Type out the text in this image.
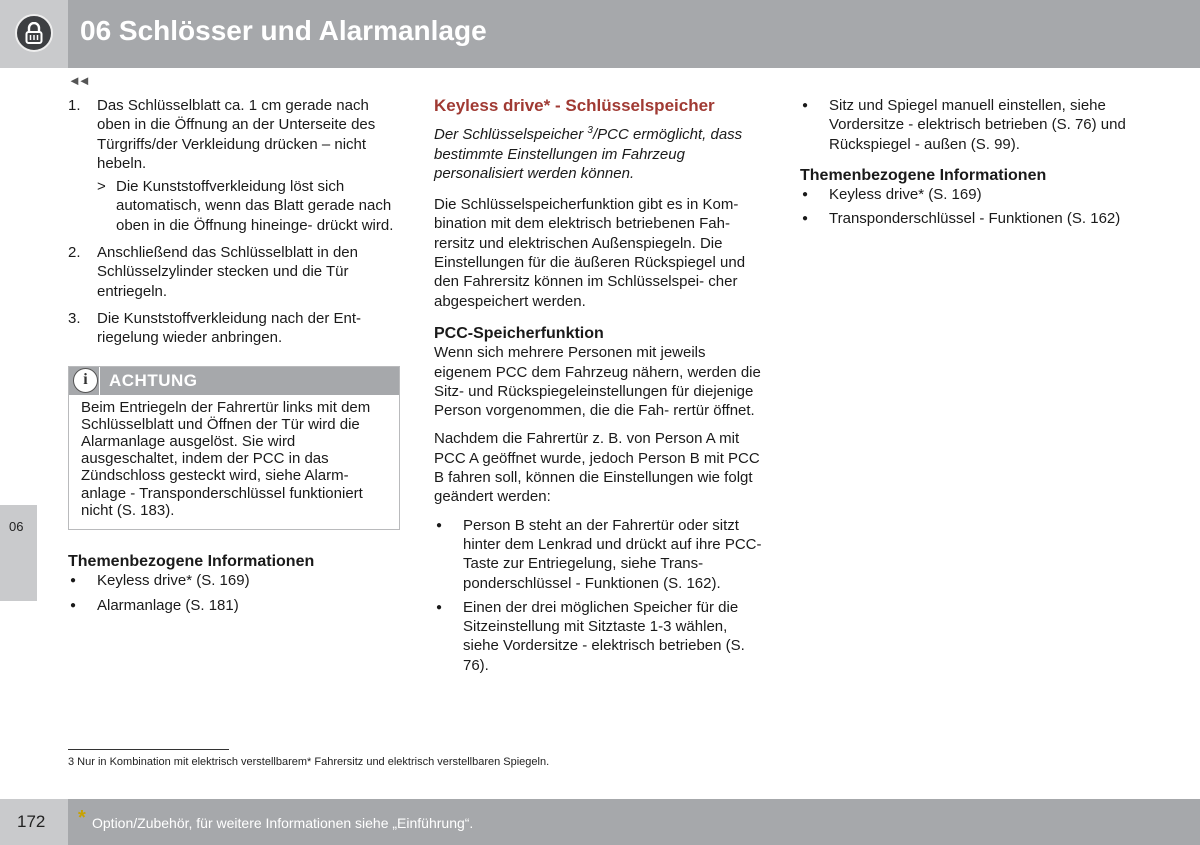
06 Schlösser und Alarmanlage
◄◄
06
1. Das Schlüsselblatt ca. 1 cm gerade nach oben in die Öffnung an der Unterseite des Türgriffs/der Verkleidung drücken – nicht hebeln.
> Die Kunststoffverkleidung löst sich automatisch, wenn das Blatt gerade nach oben in die Öffnung hineinge- drückt wird.
2. Anschließend das Schlüsselblatt in den Schlüsselzylinder stecken und die Tür entriegeln.
3. Die Kunststoffverkleidung nach der Ent- riegelung wieder anbringen.
i	ACHTUNG
Beim Entriegeln der Fahrertür links mit dem Schlüsselblatt und Öffnen der Tür wird die Alarmanlage ausgelöst. Sie wird ausgeschaltet, indem der PCC in das Zündschloss gesteckt wird, siehe Alarm- anlage - Transponderschlüssel funktioniert nicht (S. 183).
Themenbezogene Informationen
● Keyless drive* (S. 169)
● Alarmanlage (S. 181)
Keyless drive* - Schlüsselspeicher
Der Schlüsselspeicher $^3$/PCC ermöglicht, dass bestimmte Einstellungen im Fahrzeug personalisiert werden können.
Die Schlüsselspeicherfunktion gibt es in Kom- bination mit dem elektrisch betriebenen Fah- rersitz und elektrischen Außenspiegeln. Die Einstellungen für die äußeren Rückspiegel und den Fahrersitz können im Schlüsselspei- cher abgespeichert werden.
PCC-Speicherfunktion
Wenn sich mehrere Personen mit jeweils eigenem PCC dem Fahrzeug nähern, werden die Sitz- und Rückspiegeleinstellungen für diejenige Person vorgenommen, die die Fah- rertür öffnet.
Nachdem die Fahrertür z. B. von Person A mit PCC A geöffnet wurde, jedoch Person B mit PCC B fahren soll, können die Einstellungen wie folgt geändert werden:
● Person B steht an der Fahrertür oder sitzt hinter dem Lenkrad und drückt auf ihre PCC-Taste zur Entriegelung, siehe Trans- ponderschlüssel - Funktionen (S. 162).
● Einen der drei möglichen Speicher für die Sitzeinstellung mit Sitztaste 1-3 wählen, siehe Vordersitze - elektrisch betrieben (S. 76).
● Sitz und Spiegel manuell einstellen, siehe Vordersitze - elektrisch betrieben (S. 76) und Rückspiegel - außen (S. 99).
Themenbezogene Informationen
● Keyless drive* (S. 169)
● Transponderschlüssel - Funktionen (S. 162)
3 Nur in Kombination mit elektrisch verstellbarem* Fahrersitz und elektrisch verstellbaren Spiegeln.
172 * Option/Zubehör, für weitere Informationen siehe „Einführung“.
